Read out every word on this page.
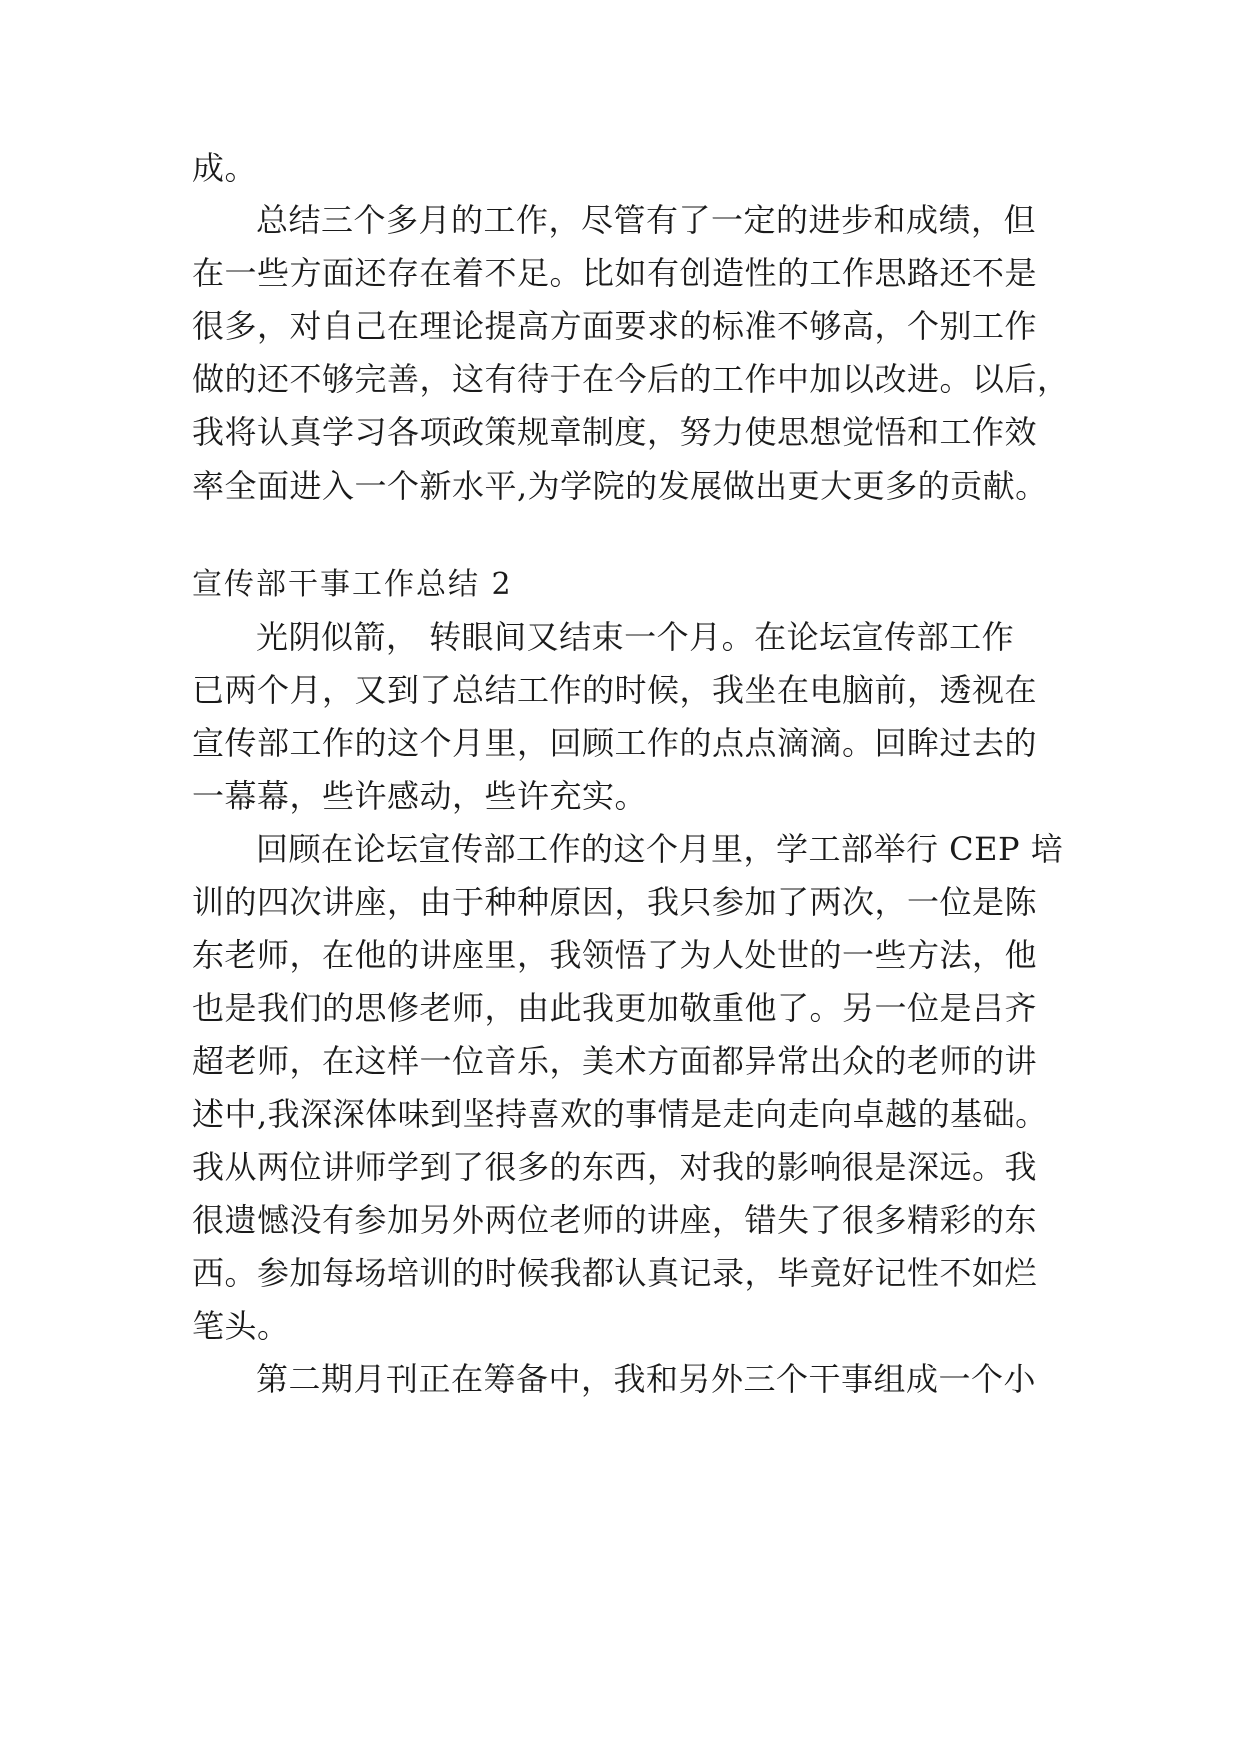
成。
总结三个多月的工作，尽管有了一定的进步和成绩，但
在一些方面还存在着不足。比如有创造性的工作思路还不是
很多，对自己在理论提高方面要求的标准不够高，个别工作
做的还不够完善，这有待于在今后的工作中加以改进。以后，
我将认真学习各项政策规章制度，努力使思想觉悟和工作效
率全面进入一个新水平,为学院的发展做出更大更多的贡献。
宣传部干事工作总结 2
光阴似箭， 转眼间又结束一个月。在论坛宣传部工作
已两个月，又到了总结工作的时候，我坐在电脑前，透视在
宣传部工作的这个月里，回顾工作的点点滴滴。回眸过去的
一幕幕，些许感动，些许充实。
回顾在论坛宣传部工作的这个月里，学工部举行 CEP 培
训的四次讲座，由于种种原因，我只参加了两次，一位是陈
东老师，在他的讲座里，我领悟了为人处世的一些方法，他
也是我们的思修老师，由此我更加敬重他了。另一位是吕齐
超老师，在这样一位音乐，美术方面都异常出众的老师的讲
述中,我深深体味到坚持喜欢的事情是走向走向卓越的基础。
我从两位讲师学到了很多的东西，对我的影响很是深远。我
很遗憾没有参加另外两位老师的讲座，错失了很多精彩的东
西。参加每场培训的时候我都认真记录，毕竟好记性不如烂
笔头。
第二期月刊正在筹备中，我和另外三个干事组成一个小
